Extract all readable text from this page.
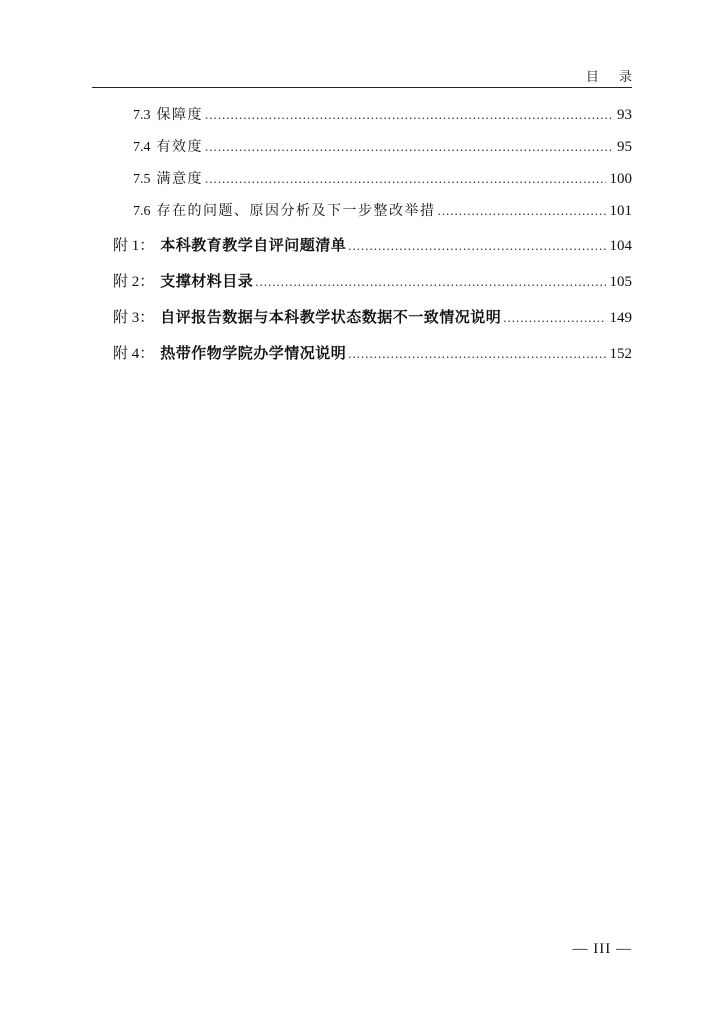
目 录
7.3 保障度 .....	93
7.4 有效度 .....	95
7.5 满意度 .....	100
7.6 存在的问题、原因分析及下一步整改举措 .....	101
附 1： 本科教育教学自评问题清单 .....	104
附 2： 支撑材料目录 .....	105
附 3： 自评报告数据与本科教学状态数据不一致情况说明 .....	149
附 4： 热带作物学院办学情况说明 .....	152
— III —
